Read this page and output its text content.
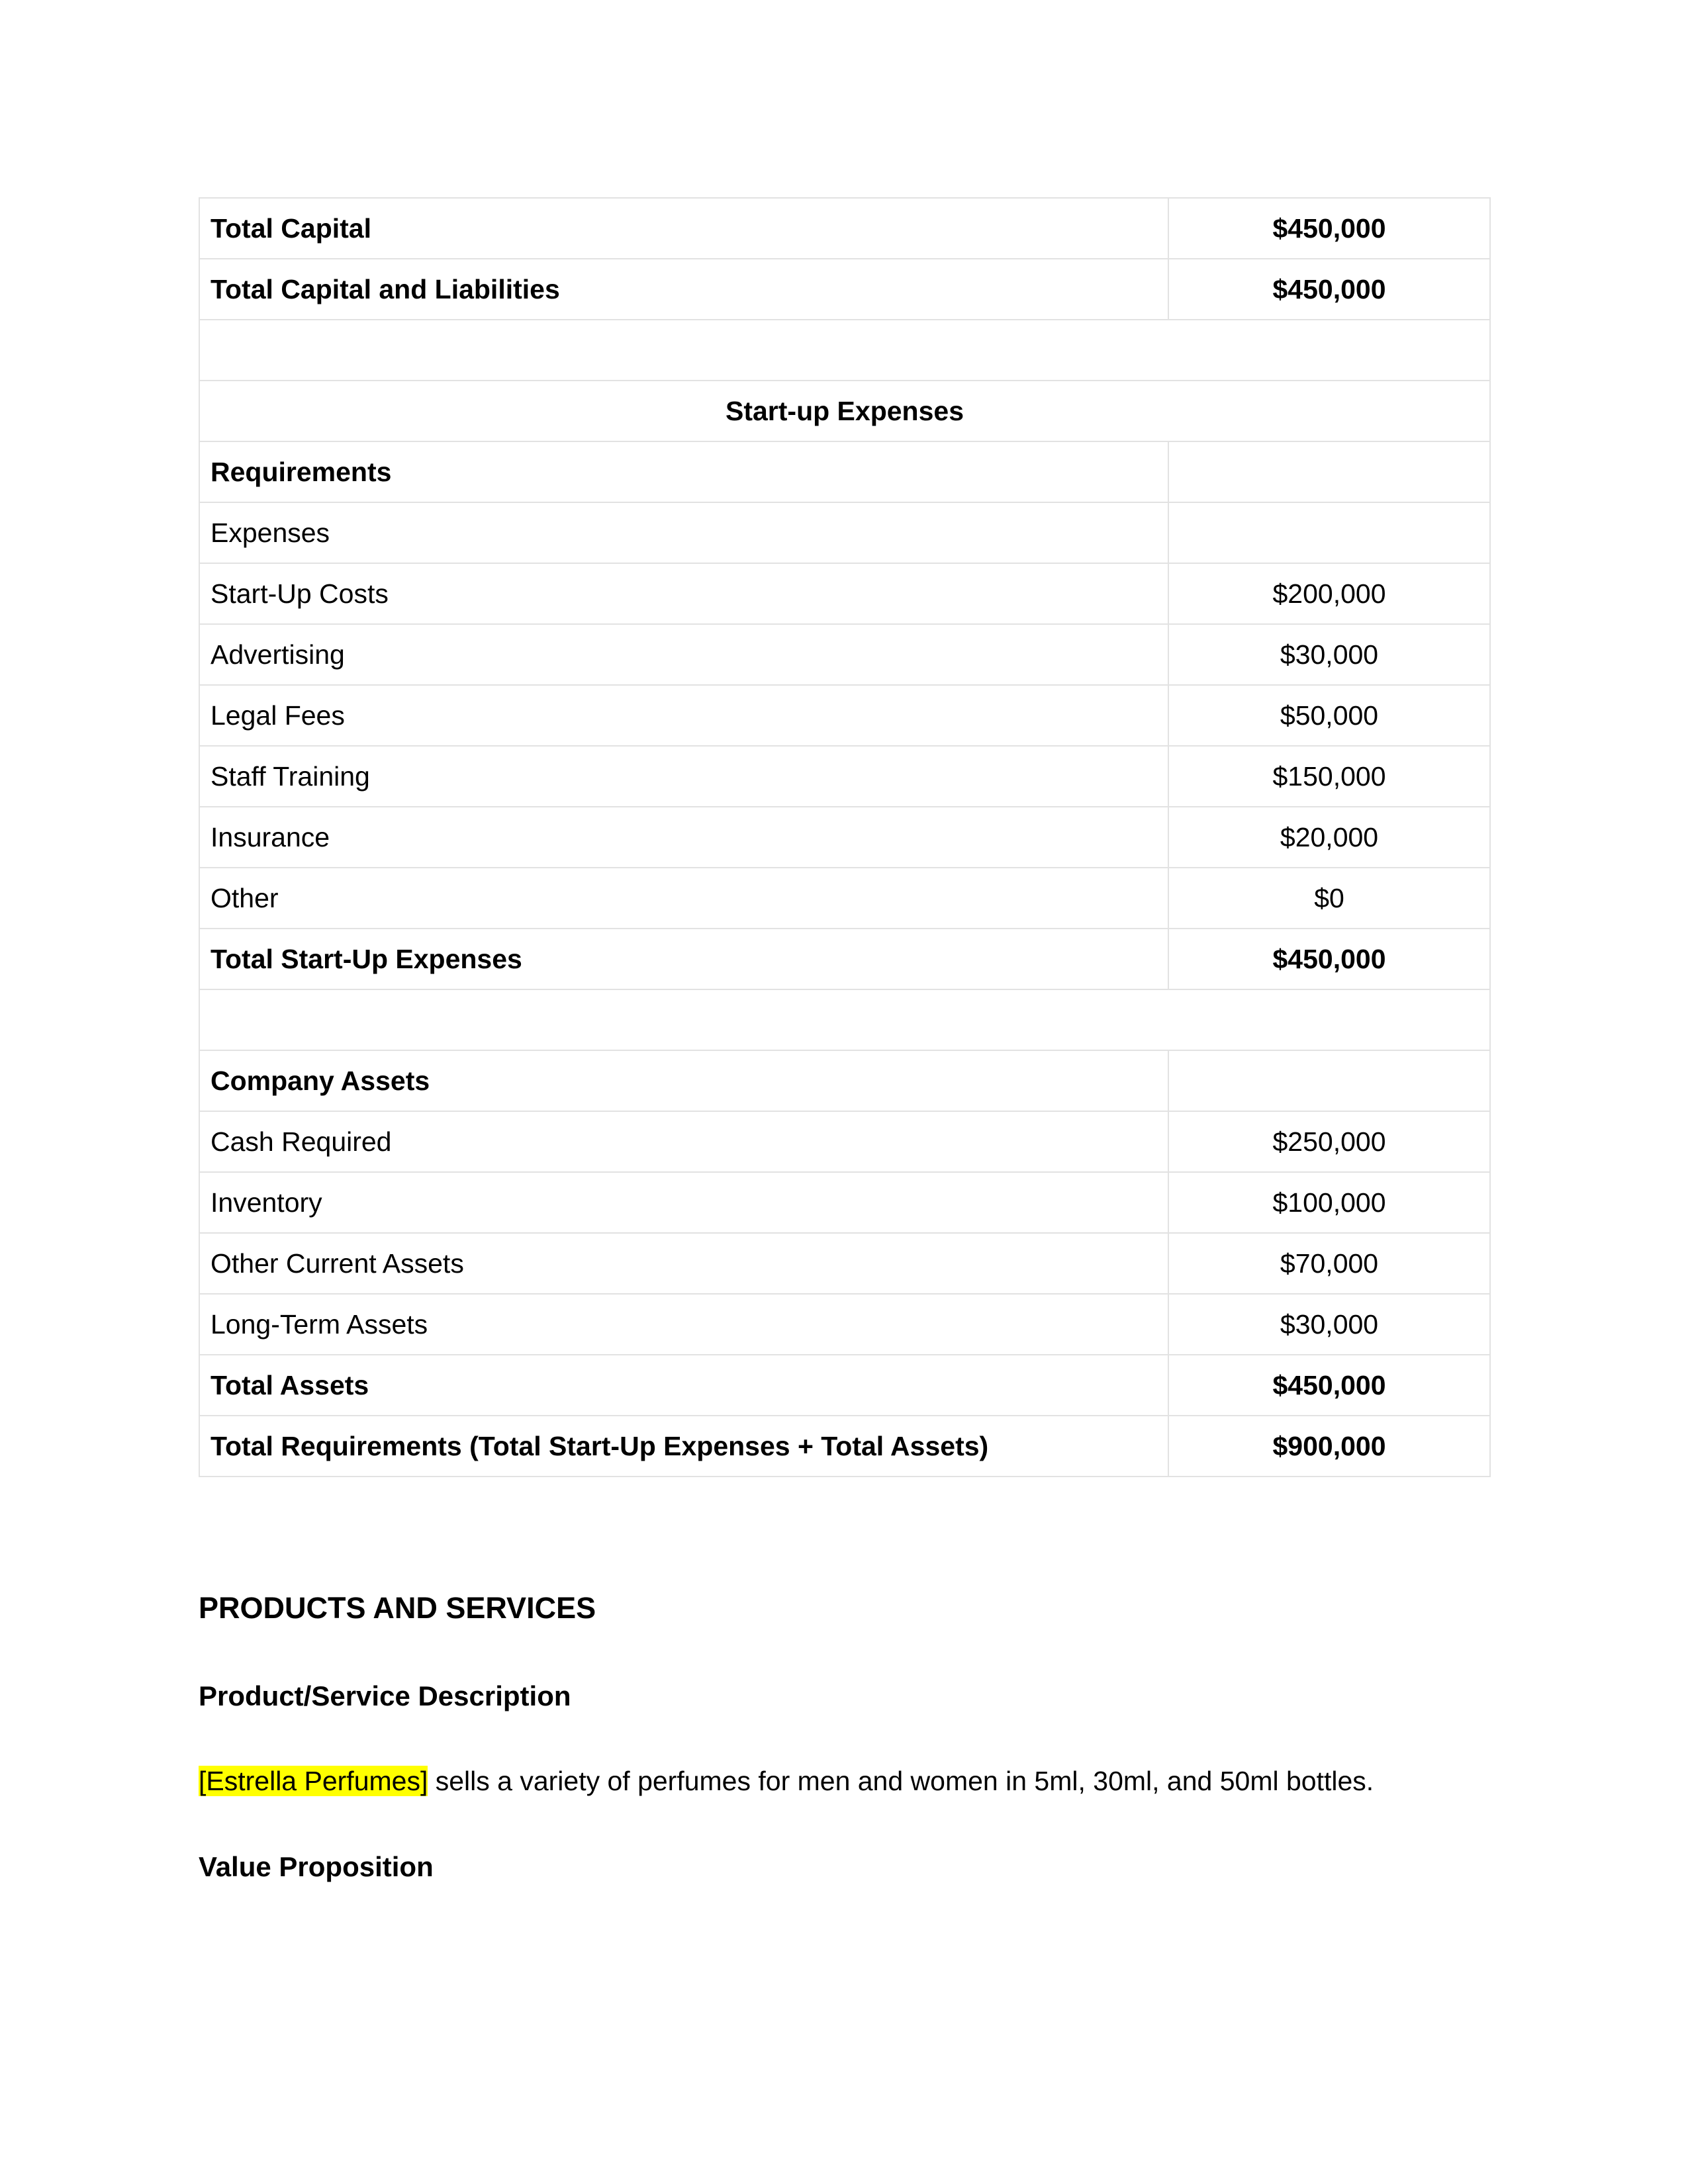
Total Capital	$450,000
Total Capital and Liabilities	$450,000

Start-up Expenses	
Requirements	
Expenses	
Start-Up Costs	$200,000
Advertising	$30,000
Legal Fees	$50,000
Staff Training	$150,000
Insurance	$20,000
Other	$0
Total Start-Up Expenses	$450,000

Company Assets	
Cash Required	$250,000
Inventory	$100,000
Other Current Assets	$70,000
Long-Term Assets	$30,000
Total Assets	$450,000
Total Requirements (Total Start-Up Expenses + Total Assets)	$900,000
PRODUCTS AND SERVICES
Product/Service Description

[Estrella Perfumes] sells a variety of perfumes for men and women in 5ml, 30ml, and 50ml bottles.

Value Proposition
